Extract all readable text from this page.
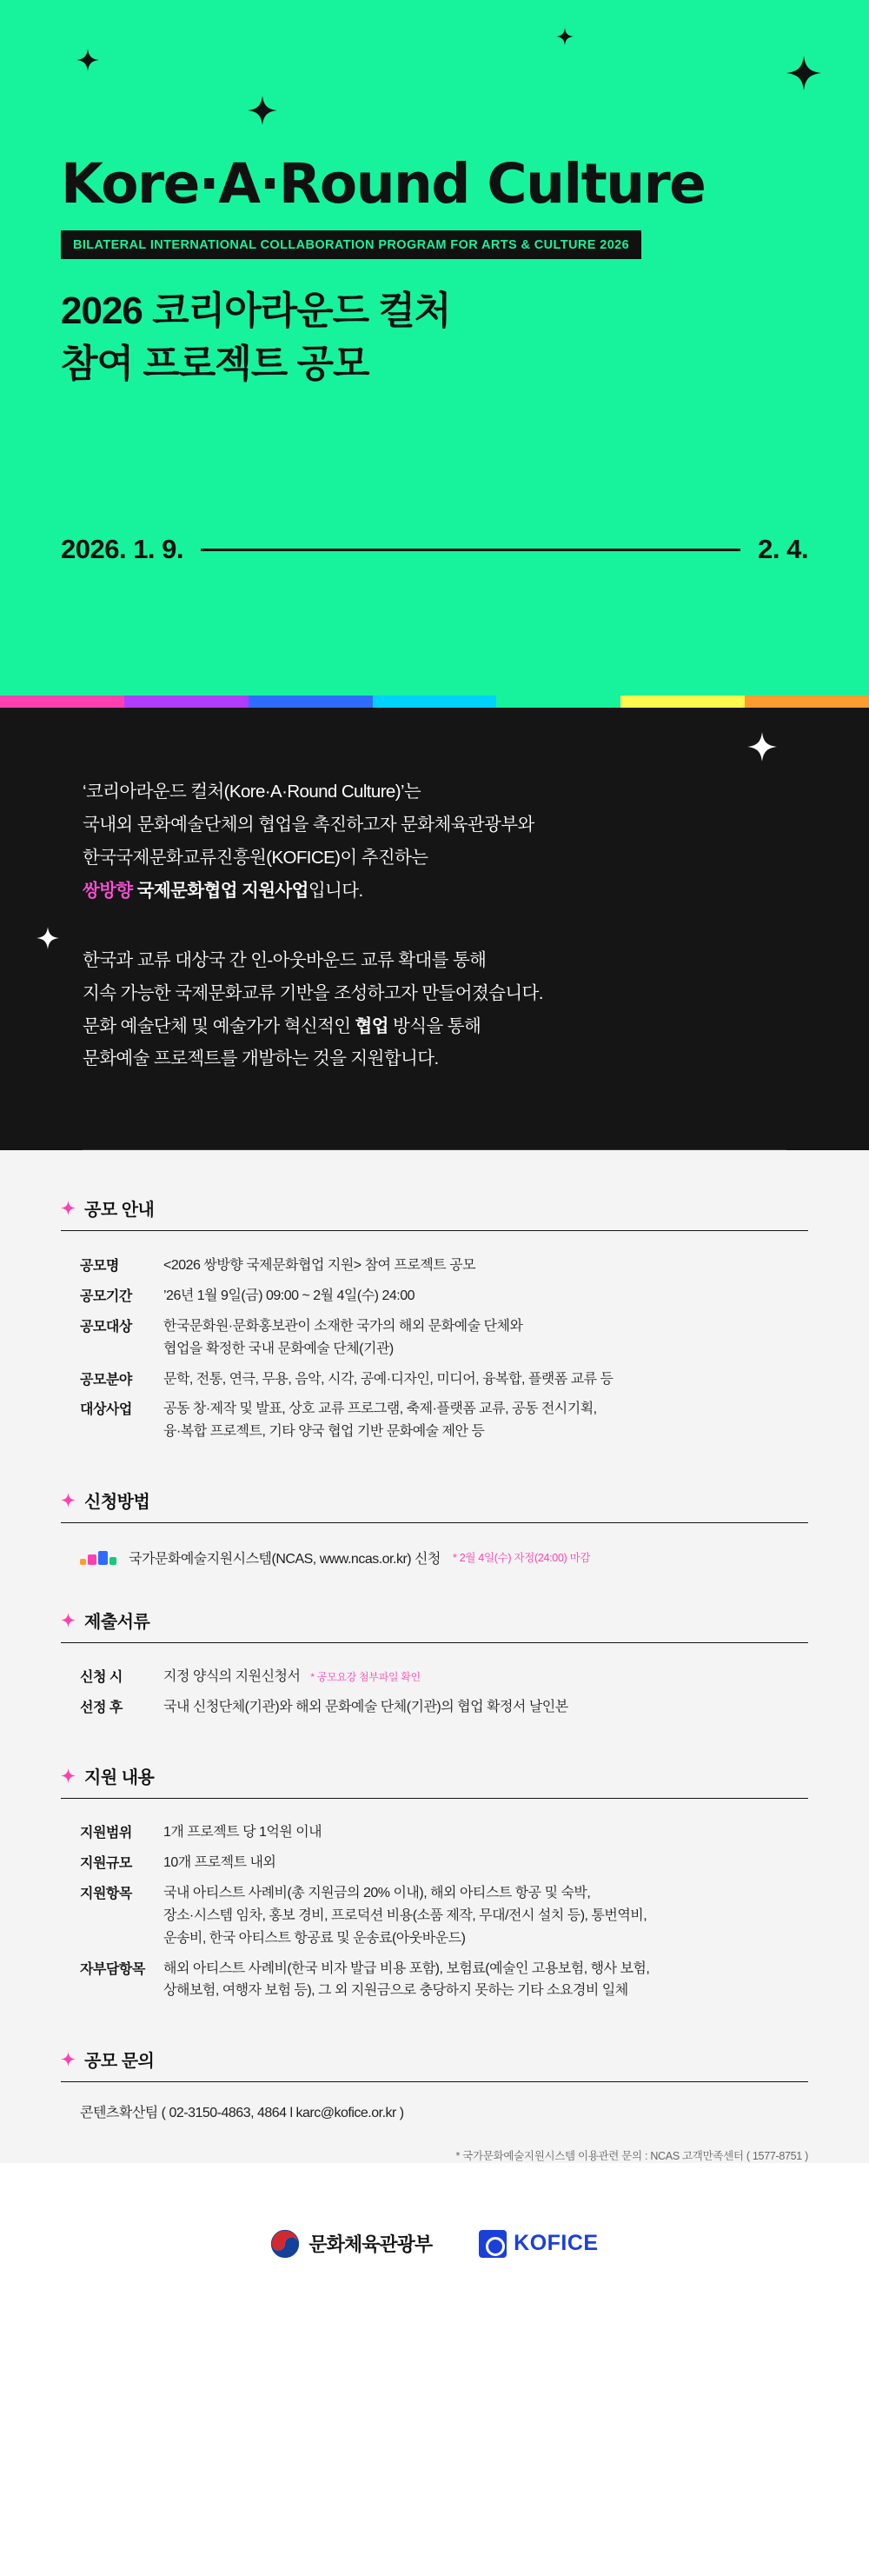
Kore·A·Round Culture
BILATERAL INTERNATIONAL COLLABORATION PROGRAM FOR ARTS & CULTURE 2026
2026 코리아라운드 컬처
참여 프로젝트 공모
2026. 1. 9.	2. 4.

‘코리아라운드 컬처(Kore·A·Round Culture)’는
국내외 문화예술단체의 협업을 촉진하고자 문화체육관광부와
한국국제문화교류진흥원(KOFICE)이 추진하는
쌍방향 국제문화협업 지원사업입니다.

한국과 교류 대상국 간 인-아웃바운드 교류 확대를 통해
지속 가능한 국제문화교류 기반을 조성하고자 만들어졌습니다.
문화 예술단체 및 예술가가 혁신적인 협업 방식을 통해
문화예술 프로젝트를 개발하는 것을 지원합니다.

공모 안내
공모명	<2026 쌍방향 국제문화협업 지원> 참여 프로젝트 공모

공모기간	’26년 1월 9일(금) 09:00 ~ 2월 4일(수) 24:00

공모대상	한국문화원·문화홍보관이 소재한 국가의 해외 문화예술 단체와
협업을 확정한 국내 문화예술 단체(기관)

공모분야	문학, 전통, 연극, 무용, 음악, 시각, 공예·디자인, 미디어, 융복합, 플랫폼 교류 등

대상사업	공동 창·제작 및 발표, 상호 교류 프로그램, 축제·플랫폼 교류, 공동 전시기획,
융·복합 프로젝트, 기타 양국 협업 기반 문화예술 제안 등
신청방법
국가문화예술지원시스템(NCAS, www.ncas.or.kr) 신청 * 2월 4일(수) 자정(24:00) 마감
제출서류
신청 시	지정 양식의 지원신청서 * 공모요강 첨부파일 확인
선정 후	국내 신청단체(기관)와 해외 문화예술 단체(기관)의 협업 확정서 날인본
지원 내용
지원범위	1개 프로젝트 당 1억원 이내

지원규모	10개 프로젝트 내외

지원항목	국내 아티스트 사례비(총 지원금의 20% 이내), 해외 아티스트 항공 및 숙박,
장소·시스템 임차, 홍보 경비, 프로덕션 비용(소품 제작, 무대/전시 설치 등), 통번역비,
운송비, 한국 아티스트 항공료 및 운송료(아웃바운드)

자부담항목	해외 아티스트 사례비(한국 비자 발급 비용 포함), 보험료(예술인 고용보험, 행사 보험,
상해보험, 여행자 보험 등), 그 외 지원금으로 충당하지 못하는 기타 소요경비 일체
공모 문의
콘텐츠확산팀 ( 02-3150-4863, 4864 l karc@kofice.or.kr )
* 국가문화예술지원시스템 이용관련 문의 : NCAS 고객만족센터 ( 1577-8751 )
문화체육관광부	KOFICE
